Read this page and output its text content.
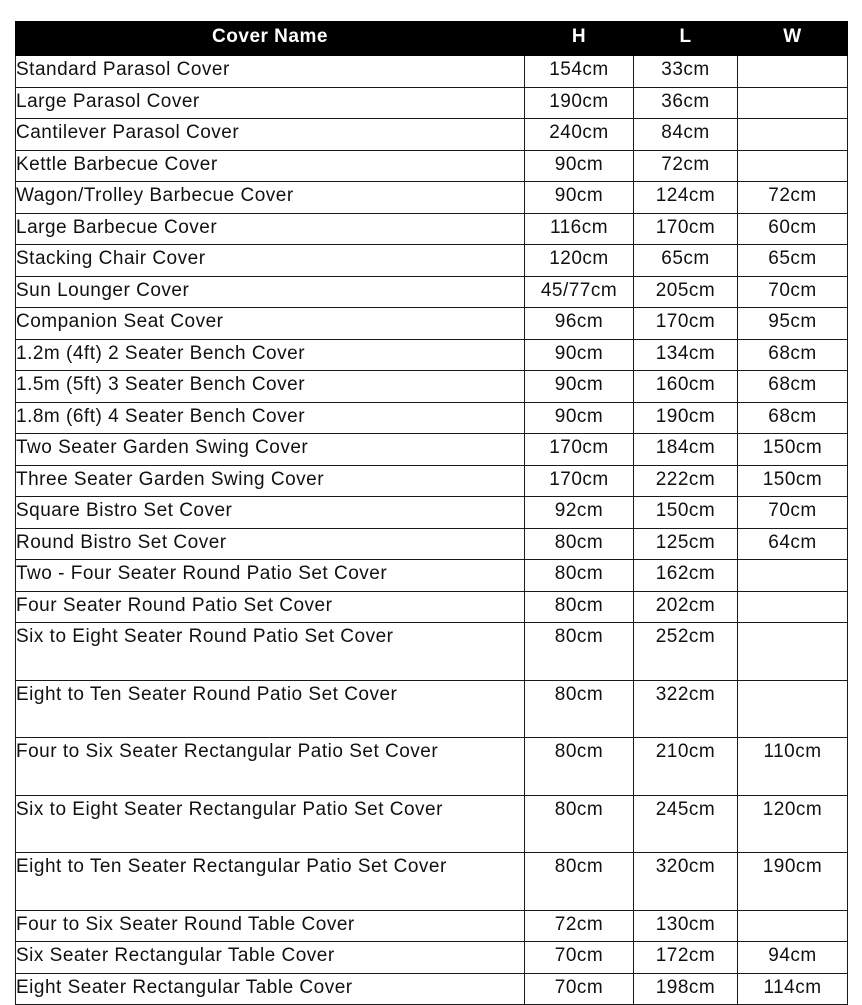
Cover Name	H	L	W
Standard Parasol Cover	154cm	33cm	
Large Parasol Cover	190cm	36cm	
Cantilever Parasol Cover	240cm	84cm	
Kettle Barbecue Cover	90cm	72cm	
Wagon/Trolley Barbecue Cover	90cm	124cm	72cm
Large Barbecue Cover	116cm	170cm	60cm
Stacking Chair Cover	120cm	65cm	65cm
Sun Lounger Cover	45/77cm	205cm	70cm
Companion Seat Cover	96cm	170cm	95cm
1.2m (4ft) 2 Seater Bench Cover	90cm	134cm	68cm
1.5m (5ft) 3 Seater Bench Cover	90cm	160cm	68cm
1.8m (6ft) 4 Seater Bench Cover	90cm	190cm	68cm
Two Seater Garden Swing Cover	170cm	184cm	150cm
Three Seater Garden Swing Cover	170cm	222cm	150cm
Square Bistro Set Cover	92cm	150cm	70cm
Round Bistro Set Cover	80cm	125cm	64cm
Two - Four Seater Round Patio Set Cover	80cm	162cm	
Four Seater Round Patio Set Cover	80cm	202cm	
Six to Eight Seater Round Patio Set Cover	80cm	252cm	
Eight to Ten Seater Round Patio Set Cover	80cm	322cm	
Four to Six Seater Rectangular Patio Set Cover	80cm	210cm	110cm
Six to Eight Seater Rectangular Patio Set Cover	80cm	245cm	120cm
Eight to Ten Seater Rectangular Patio Set Cover	80cm	320cm	190cm
Four to Six Seater Round Table Cover	72cm	130cm	
Six Seater Rectangular Table Cover	70cm	172cm	94cm
Eight Seater Rectangular Table Cover	70cm	198cm	114cm
